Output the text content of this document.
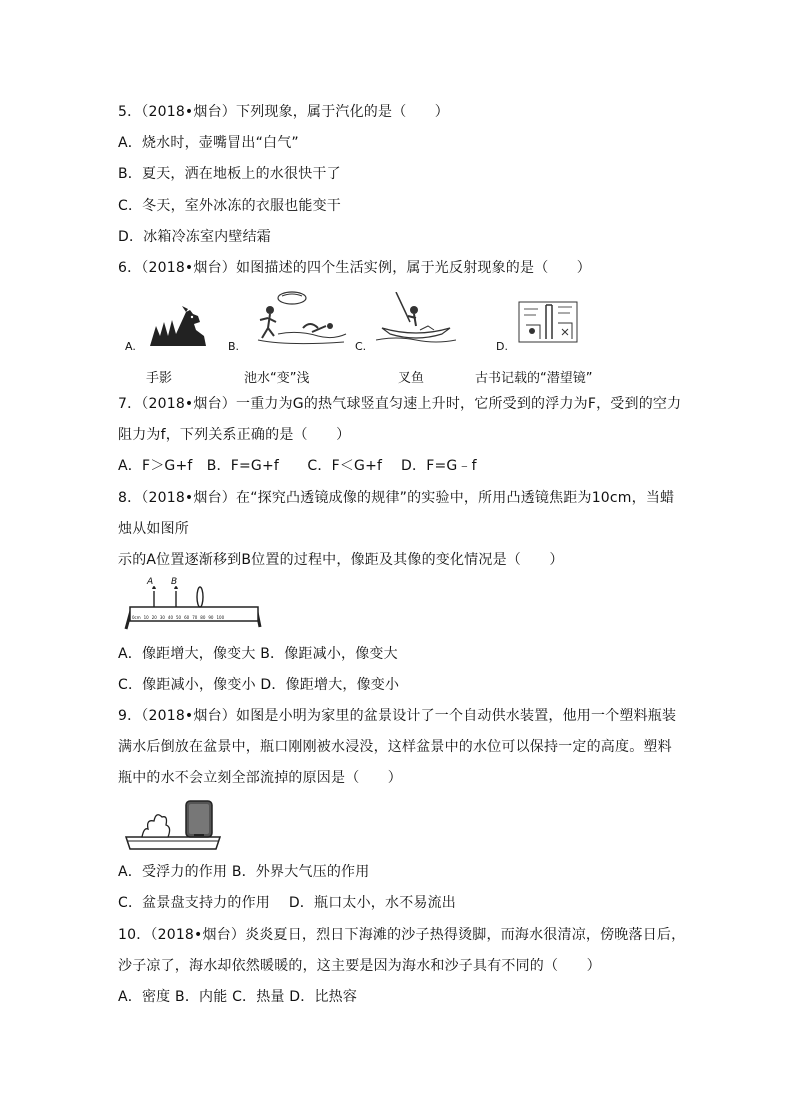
5．（2018•烟台）下列现象，属于汽化的是（　　）
A．烧水时，壶嘴冒出“白气”
B．夏天，洒在地板上的水很快干了
C．冬天，室外冰冻的衣服也能变干
D．冰箱冷冻室内壁结霜
6．（2018•烟台）如图描述的四个生活实例，属于光反射现象的是（　　）
A.
手影
B.
池水“变”浅
C.
叉鱼
D.
古书记载的“潜望镜”
7．（2018•烟台）一重力为G的热气球竖直匀速上升时，它所受到的浮力为F，受到的空力
阻力为f，下列关系正确的是（　　）
A．F＞G+f　B．F=G+f　　C．F＜G+f　 D．F=G﹣f
8．（2018•烟台）在“探究凸透镜成像的规律”的实验中，所用凸透镜焦距为10cm，当蜡
烛从如图所
示的A位置逐渐移到B位置的过程中，像距及其像的变化情况是（　　）
A B
0cm 10 20 30 40 50 60 70 80 90 100
A．像距增大，像变大 B．像距减小，像变大
C．像距减小，像变小 D．像距增大，像变小
9．（2018•烟台）如图是小明为家里的盆景设计了一个自动供水装置，他用一个塑料瓶装
满水后倒放在盆景中，瓶口刚刚被水浸没，这样盆景中的水位可以保持一定的高度。塑料
瓶中的水不会立刻全部流掉的原因是（　　）
A．受浮力的作用 B．外界大气压的作用
C．盆景盘支持力的作用　 D．瓶口太小，水不易流出
10．（2018•烟台）炎炎夏日，烈日下海滩的沙子热得烫脚，而海水很清凉，傍晚落日后，
沙子凉了，海水却依然暖暖的，这主要是因为海水和沙子具有不同的（　　）
A．密度 B．内能 C．热量 D．比热容
